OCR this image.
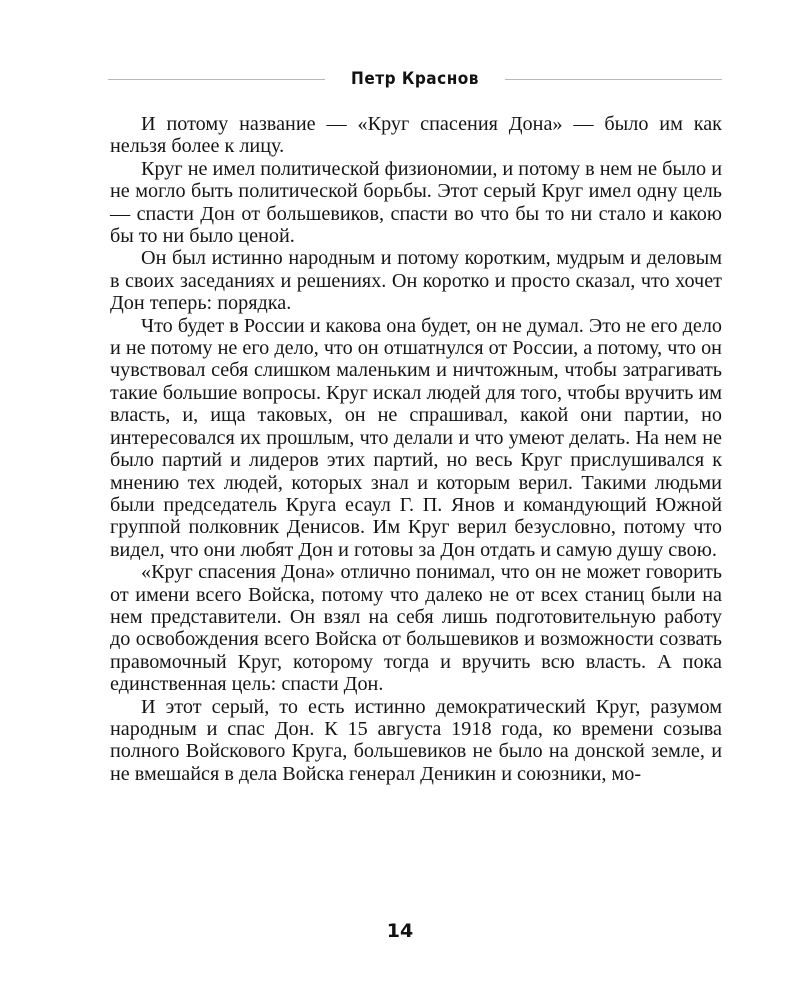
Петр Краснов

И потому название — «Круг спасения Дона» — было им как нельзя более к лицу.

Круг не имел политической физиономии, и потому в нем не было и не могло быть политической борьбы. Этот серый Круг имел одну цель — спасти Дон от большевиков, спасти во что бы то ни стало и какою бы то ни было ценой.

Он был истинно народным и потому коротким, мудрым и деловым в своих заседаниях и решениях. Он коротко и просто сказал, что хочет Дон теперь: порядка.

Что будет в России и какова она будет, он не думал. Это не его дело и не потому не его дело, что он отшатнулся от России, а потому, что он чувствовал себя слишком маленьким и ничтожным, чтобы затрагивать такие большие вопросы. Круг искал людей для того, чтобы вручить им власть, и, ища таковых, он не спрашивал, какой они партии, но интересовался их прошлым, что делали и что умеют делать. На нем не было партий и лидеров этих партий, но весь Круг прислушивался к мнению тех людей, которых знал и которым верил. Такими людьми были председатель Круга есаул Г. П. Янов и командующий Южной группой полковник Денисов. Им Круг верил безусловно, потому что видел, что они любят Дон и готовы за Дон отдать и самую душу свою.

«Круг спасения Дона» отлично понимал, что он не может говорить от имени всего Войска, потому что далеко не от всех станиц были на нем представители. Он взял на себя лишь подготовительную работу до освобождения всего Войска от большевиков и возможности созвать правомочный Круг, которому тогда и вручить всю власть. А пока единственная цель: спасти Дон.

И этот серый, то есть истинно демократический Круг, разумом народным и спас Дон. К 15 августа 1918 года, ко времени созыва полного Войскового Круга, большевиков не было на донской земле, и не вмешайся в дела Войска генерал Деникин и союзники, мо-

14
